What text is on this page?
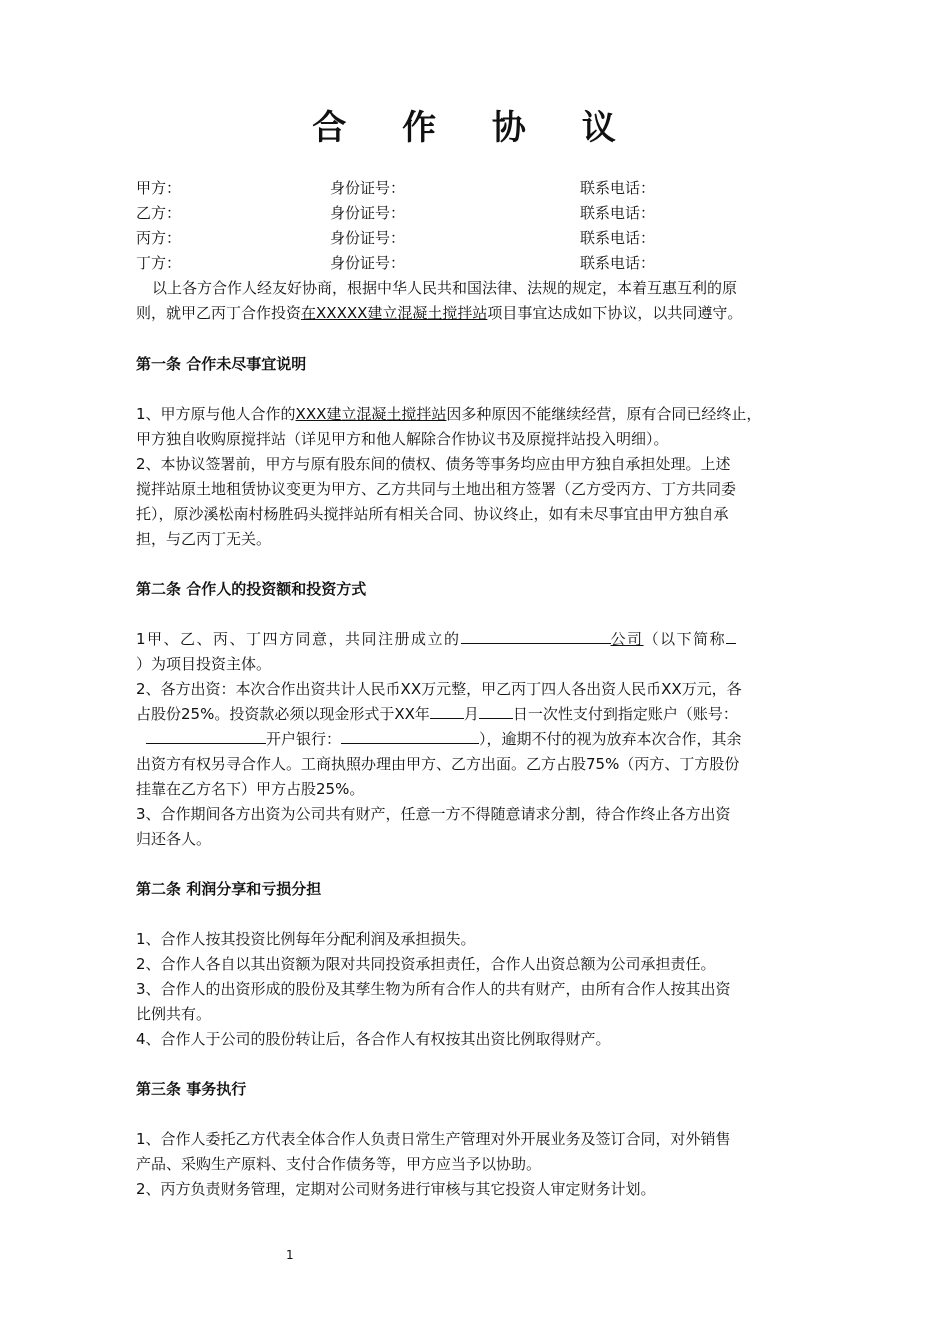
合 作 协 议
甲方：	身份证号：	联系电话：
乙方：	身份证号：	联系电话：
丙方：	身份证号：	联系电话：
丁方：	身份证号：	联系电话：
以上各方合作人经友好协商，根据中华人民共和国法律、法规的规定，本着互惠互利的原
则，就甲乙丙丁合作投资在XXXXX建立混凝土搅拌站项目事宜达成如下协议，以共同遵守。
第一条 合作未尽事宜说明
1、甲方原与他人合作的XXX建立混凝土搅拌站因多种原因不能继续经营，原有合同已经终止，
甲方独自收购原搅拌站（详见甲方和他人解除合作协议书及原搅拌站投入明细）。
2、本协议签署前，甲方与原有股东间的债权、债务等事务均应由甲方独自承担处理。上述
搅拌站原土地租赁协议变更为甲方、乙方共同与土地出租方签署（乙方受丙方、丁方共同委
托），原沙溪松南村杨胜码头搅拌站所有相关合同、协议终止，如有未尽事宜由甲方独自承
担，与乙丙丁无关。
第二条 合作人的投资额和投资方式
1甲、乙、丙、丁四方同意，共同注册成立的	公司（以下简称
）为项目投资主体。
2、各方出资：本次合作出资共计人民币XX万元整，甲乙丙丁四人各出资人民币XX万元，各
占股份25%。投资款必须以现金形式于XX年 月 日一次性支付到指定账户（账号：
开户银行：	），逾期不付的视为放弃本次合作，其余
出资方有权另寻合作人。工商执照办理由甲方、乙方出面。乙方占股75%（丙方、丁方股份
挂靠在乙方名下）甲方占股25%。
3、合作期间各方出资为公司共有财产，任意一方不得随意请求分割，待合作终止各方出资
归还各人。
第二条 利润分享和亏损分担
1、合作人按其投资比例每年分配利润及承担损失。
2、合作人各自以其出资额为限对共同投资承担责任，合作人出资总额为公司承担责任。
3、合作人的出资形成的股份及其孳生物为所有合作人的共有财产，由所有合作人按其出资
比例共有。
4、合作人于公司的股份转让后，各合作人有权按其出资比例取得财产。
第三条 事务执行
1、合作人委托乙方代表全体合作人负责日常生产管理对外开展业务及签订合同，对外销售
产品、采购生产原料、支付合作债务等，甲方应当予以协助。
2、丙方负责财务管理，定期对公司财务进行审核与其它投资人审定财务计划。
1
